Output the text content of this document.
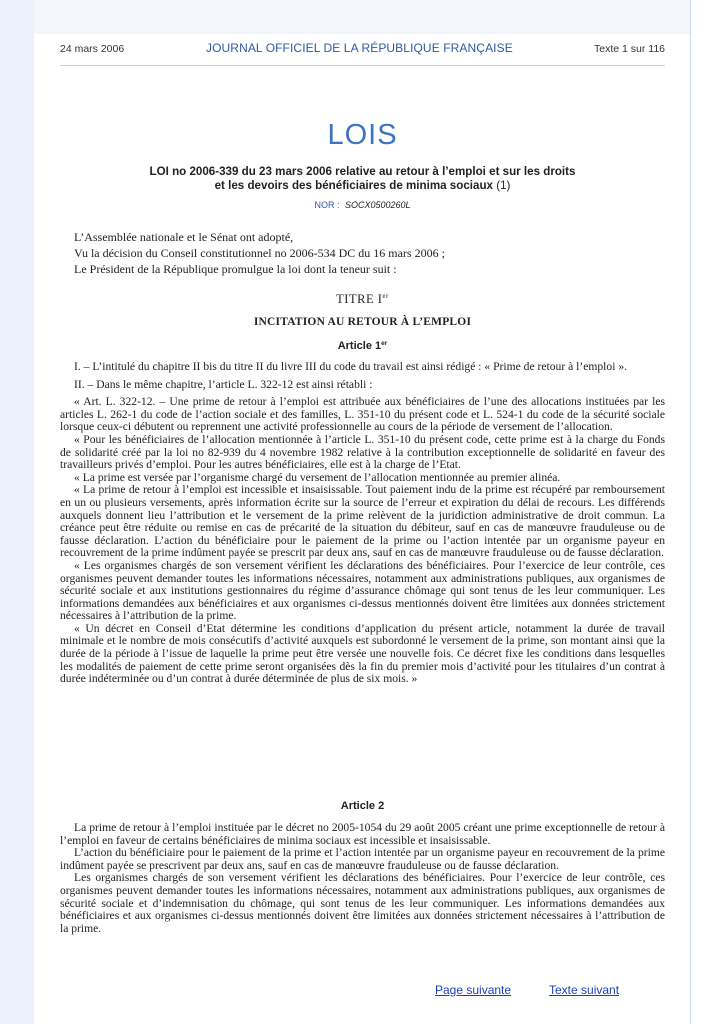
24 mars 2006	JOURNAL OFFICIEL DE LA RÉPUBLIQUE FRANÇAISE	Texte 1 sur 116
LOIS
LOI no 2006-339 du 23 mars 2006 relative au retour à l’emploi et sur les droits
et les devoirs des bénéficiaires de minima sociaux (1)
NOR : SOCX0500260L

L’Assemblée nationale et le Sénat ont adopté,

Vu la décision du Conseil constitutionnel no 2006-534 DC du 16 mars 2006 ;

Le Président de la République promulgue la loi dont la teneur suit :

TITRE Ier
INCITATION AU RETOUR À L’EMPLOI
Article 1er

I. – L’intitulé du chapitre II bis du titre II du livre III du code du travail est ainsi rédigé : « Prime de retour à l’emploi ».

II. – Dans le même chapitre, l’article L. 322-12 est ainsi rétabli :

« Art. L. 322-12. – Une prime de retour à l’emploi est attribuée aux bénéficiaires de l’une des allocations instituées par les articles L. 262-1 du code de l’action sociale et des familles, L. 351-10 du présent code et L. 524-1 du code de la sécurité sociale lorsque ceux-ci débutent ou reprennent une activité professionnelle au cours de la période de versement de l’allocation.

« Pour les bénéficiaires de l’allocation mentionnée à l’article L. 351-10 du présent code, cette prime est à la charge du Fonds de solidarité créé par la loi no 82-939 du 4 novembre 1982 relative à la contribution exceptionnelle de solidarité en faveur des travailleurs privés d’emploi. Pour les autres bénéficiaires, elle est à la charge de l’Etat.

« La prime est versée par l’organisme chargé du versement de l’allocation mentionnée au premier alinéa.

« La prime de retour à l’emploi est incessible et insaisissable. Tout paiement indu de la prime est récupéré par remboursement en un ou plusieurs versements, après information écrite sur la source de l’erreur et expiration du délai de recours. Les différends auxquels donnent lieu l’attribution et le versement de la prime relèvent de la juridiction administrative de droit commun. La créance peut être réduite ou remise en cas de précarité de la situation du débiteur, sauf en cas de manœuvre frauduleuse ou de fausse déclaration. L’action du bénéficiaire pour le paiement de la prime ou l’action intentée par un organisme payeur en recouvrement de la prime indûment payée se prescrit par deux ans, sauf en cas de manœuvre frauduleuse ou de fausse déclaration.

« Les organismes chargés de son versement vérifient les déclarations des bénéficiaires. Pour l’exercice de leur contrôle, ces organismes peuvent demander toutes les informations nécessaires, notamment aux administrations publiques, aux organismes de sécurité sociale et aux institutions gestionnaires du régime d’assurance chômage qui sont tenus de les leur communiquer. Les informations demandées aux bénéficiaires et aux organismes ci-dessus mentionnés doivent être limitées aux données strictement nécessaires à l’attribution de la prime.

« Un décret en Conseil d’Etat détermine les conditions d’application du présent article, notamment la durée de travail minimale et le nombre de mois consécutifs d’activité auxquels est subordonné le versement de la prime, son montant ainsi que la durée de la période à l’issue de laquelle la prime peut être versée une nouvelle fois. Ce décret fixe les conditions dans lesquelles les modalités de paiement de cette prime seront organisées dès la fin du premier mois d’activité pour les titulaires d’un contrat à durée indéterminée ou d’un contrat à durée déterminée de plus de six mois. »

Article 2

La prime de retour à l’emploi instituée par le décret no 2005-1054 du 29 août 2005 créant une prime exceptionnelle de retour à l’emploi en faveur de certains bénéficiaires de minima sociaux est incessible et insaisissable.

L’action du bénéficiaire pour le paiement de la prime et l’action intentée par un organisme payeur en recouvrement de la prime indûment payée se prescrivent par deux ans, sauf en cas de manœuvre frauduleuse ou de fausse déclaration.

Les organismes chargés de son versement vérifient les déclarations des bénéficiaires. Pour l’exercice de leur contrôle, ces organismes peuvent demander toutes les informations nécessaires, notamment aux administrations publiques, aux organismes de sécurité sociale et d’indemnisation du chômage, qui sont tenus de les leur communiquer. Les informations demandées aux bénéficiaires et aux organismes ci-dessus mentionnés doivent être limitées aux données strictement nécessaires à l’attribution de la prime.

Page suivante	Texte suivant
